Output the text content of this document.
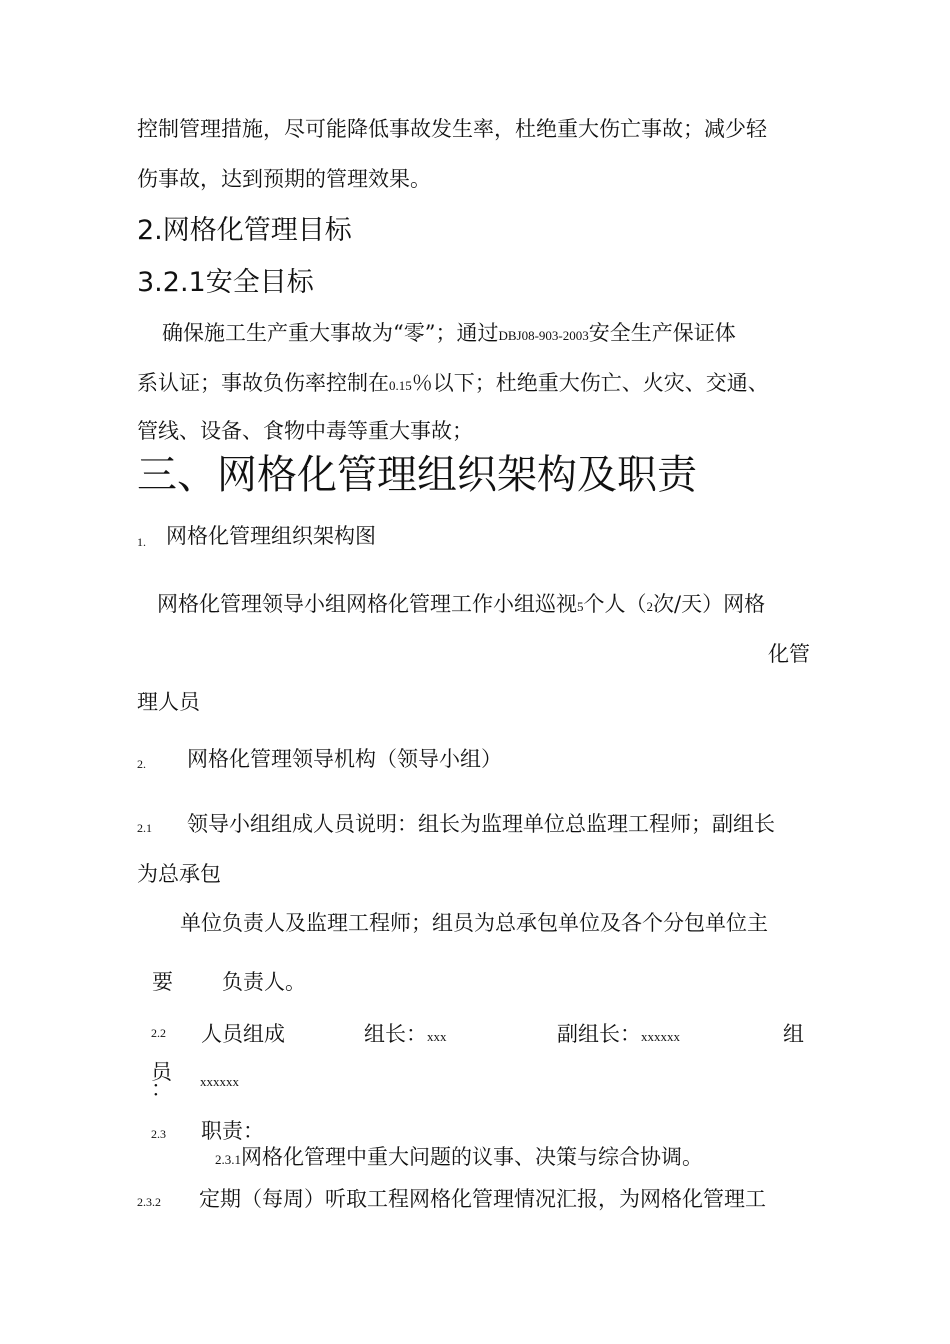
控制管理措施，尽可能降低事故发生率，杜绝重大伤亡事故；减少轻
伤事故，达到预期的管理效果。
2.网格化管理目标
3.2.1安全目标
确保施工生产重大事故为“零”；通过DBJ08-903-2003安全生产保证体
系认证；事故负伤率控制在0.15％以下；杜绝重大伤亡、火灾、交通、
管线、设备、食物中毒等重大事故；
三、网格化管理组织架构及职责
1. 网格化管理组织架构图
网格化管理领导小组网格化管理工作小组巡视5个人（2次/天）网格
化管
理人员
2. 网格化管理领导机构（领导小组）
2.1 领导小组组成人员说明：组长为监理单位总监理工程师；副组长
为总承包
单位负责人及监理工程师；组员为总承包单位及各个分包单位主
要 负责人。
2.2 人员组成	组长：xxx	副组长：xxxxxx	组
员
： xxxxxx
2.3 职责：
2.3.1网格化管理中重大问题的议事、决策与综合协调。
2.3.2 定期（每周）听取工程网格化管理情况汇报，为网格化管理工
